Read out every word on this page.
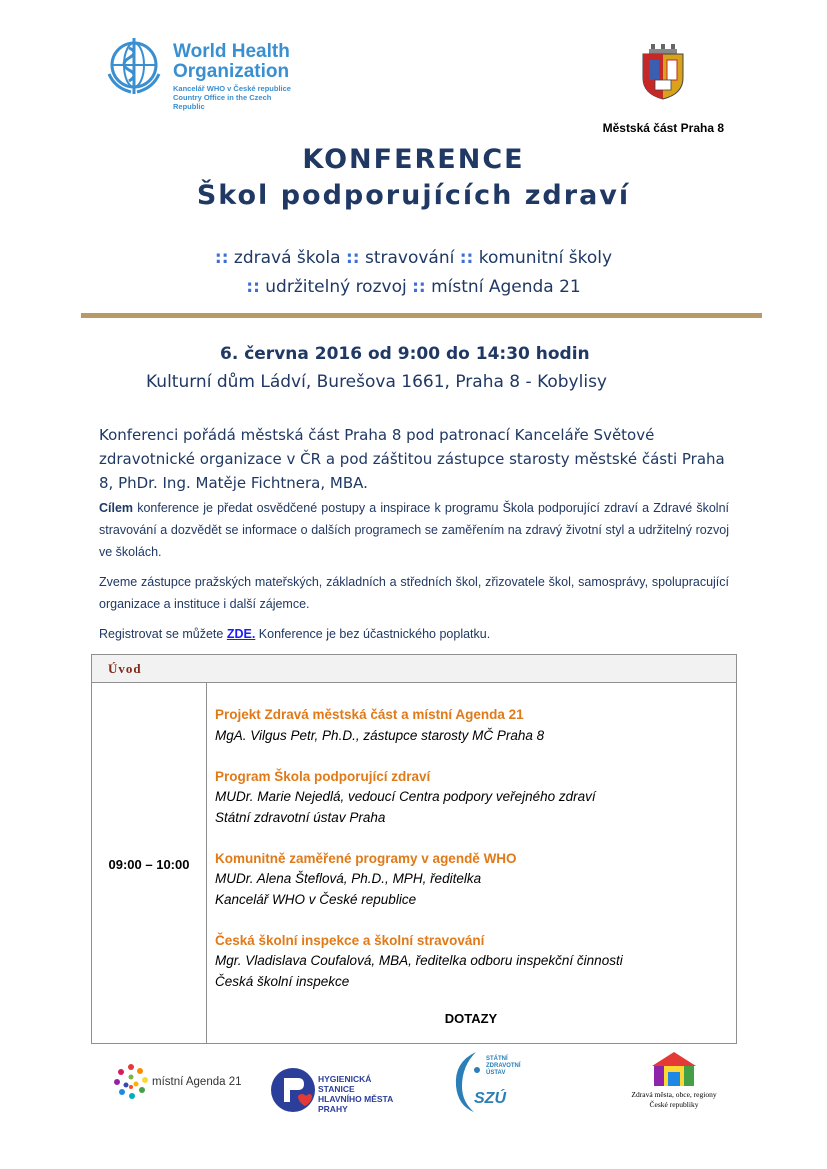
World Health
Organization
Kancelář WHO v České republice
Country Office in the Czech Republic
Městská část Praha 8
KONFERENCE
Škol podporujících zdraví
:: zdravá škola :: stravování :: komunitní školy
:: udržitelný rozvoj :: místní Agenda 21
6. června 2016 od 9:00 do 14:30 hodin
Kulturní dům Ládví, Burešova 1661, Praha 8 - Kobylisy
Konferenci pořádá městská část Praha 8 pod patronací Kanceláře Světové zdravotnické organizace v ČR a pod záštitou zástupce starosty městské části Praha 8, PhDr. Ing. Matěje Fichtnera, MBA.
Cílem konference je předat osvědčené postupy a inspirace k programu Škola podporující zdraví a Zdravé školní stravování a dozvědět se informace o dalších programech se zaměřením na zdravý životní styl a udržitelný rozvoj ve školách.
Zveme zástupce pražských mateřských, základních a středních škol, zřizovatele škol, samosprávy, spolupracující organizace a instituce i další zájemce.
Registrovat se můžete ZDE. Konference je bez účastnického poplatku.
Úvod
09:00 – 10:00
Projekt Zdravá městská část a místní Agenda 21
MgA. Vilgus Petr, Ph.D., zástupce starosty MČ Praha 8
Program Škola podporující zdraví
MUDr. Marie Nejedlá, vedoucí Centra podpory veřejného zdraví
Státní zdravotní ústav Praha
Komunitně zaměřené programy v agendě WHO
MUDr. Alena Šteflová, Ph.D., MPH, ředitelka
Kancelář WHO v České republice
Česká školní inspekce a školní stravování
Mgr. Vladislava Coufalová, MBA, ředitelka odboru inspekční činnosti
Česká školní inspekce
DOTAZY
místní Agenda 21	HYGIENICKÁ
STANICE
HLAVNÍHO MĚSTA
PRAHY
STÁTNÍ
ZDRAVOTNÍ
ÚSTAV
SZÚ	Zdravá města, obce, regiony
České republiky
